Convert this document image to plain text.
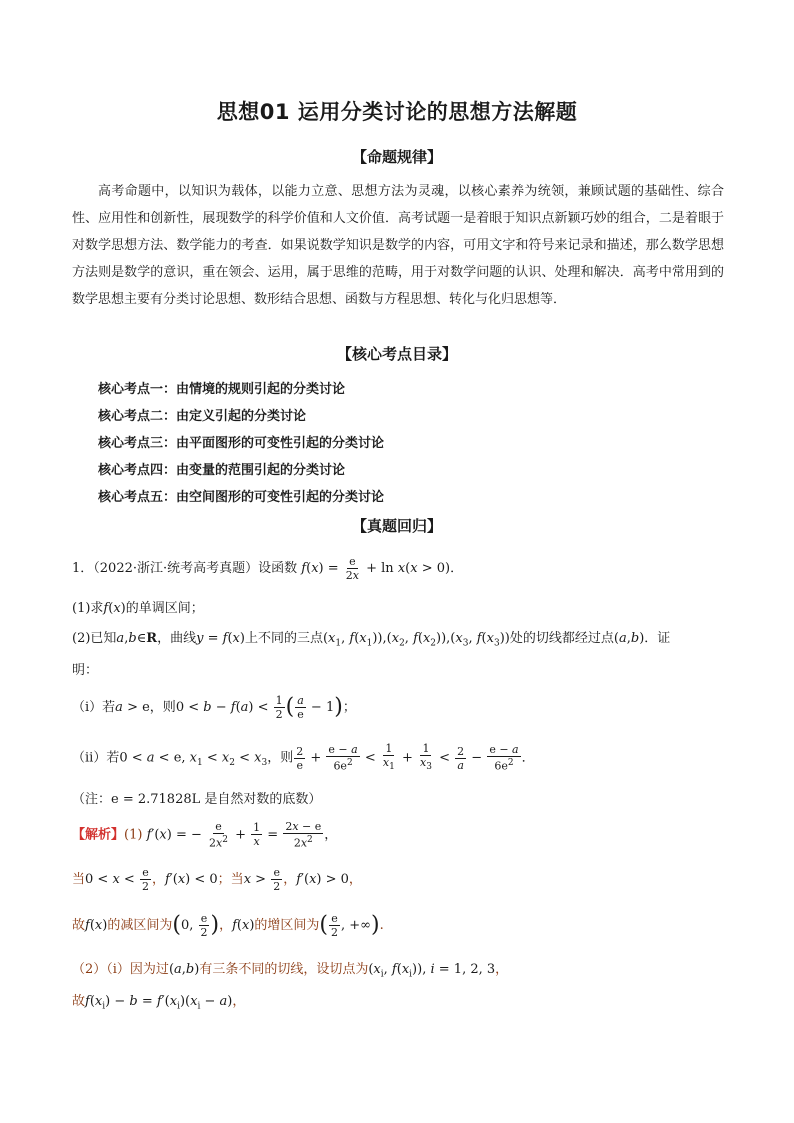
思想01 运用分类讨论的思想方法解题
【命题规律】

高考命题中，以知识为载体，以能力立意、思想方法为灵魂，以核心素养为统领，兼顾试题的基础性、综合性、应用性和创新性，展现数学的科学价值和人文价值．高考试题一是着眼于知识点新颖巧妙的组合，二是着眼于对数学思想方法、数学能力的考查．如果说数学知识是数学的内容，可用文字和符号来记录和描述，那么数学思想方法则是数学的意识，重在领会、运用，属于思维的范畴，用于对数学问题的认识、处理和解决．高考中常用到的数学思想主要有分类讨论思想、数形结合思想、函数与方程思想、转化与化归思想等．

【核心考点目录】
核心考点一：由情境的规则引起的分类讨论
核心考点二：由定义引起的分类讨论
核心考点三：由平面图形的可变性引起的分类讨论
核心考点四：由变量的范围引起的分类讨论
核心考点五：由空间图形的可变性引起的分类讨论
【真题回归】
1．（2022·浙江·统考高考真题）设函数 $f(x) = \frac{e}{2x} + \ln x(x > 0)$．
(1)求f(x)的单调区间；
(2)已知a,b∈R，曲线y = f(x)上不同的三点($x_1$, $f(x_1)),(x_2$, $f(x_2)),(x_3$, $f(x_3)$)处的切线都经过点(a,b)．证
明：
（ⅰ）若a > e，则$0 < b - f(a) < \frac{1}{2}$ ( $\frac{a}{e} - 1$)；
（ⅱ）若0 < a < e, $x_1 < x_2 < x_3$，则 $\frac{2}{e} + \frac{e - a}{6e^2} < \frac{1}{x_1} + \frac{1}{x_3} < \frac{2}{a} - \frac{e - a}{6e^2}$ ．
（注：e = 2.71828L 是自然对数的底数）
【解析】(1) f′(x) = − $\frac{e}{2x^2} + \frac{1}{x} = \frac{2x - e}{2x^2}$ ，
当$0 < x < \frac{e}{2}$ ，f′(x) < 0；当$x > \frac{e}{2}$ ，f′(x) > 0，
故f(x)的减区间为(0, $\frac{e}{2}$ )，f(x)的增区间为( $\frac{e}{2}$ , +∞).
（2）（ⅰ）因为过(a,b)有三条不同的切线，设切点为($x_i$, $f(x_i)$), i = 1, 2, 3，
故$f(x_i) - b = f'(x_i)(x_i - a)$，
